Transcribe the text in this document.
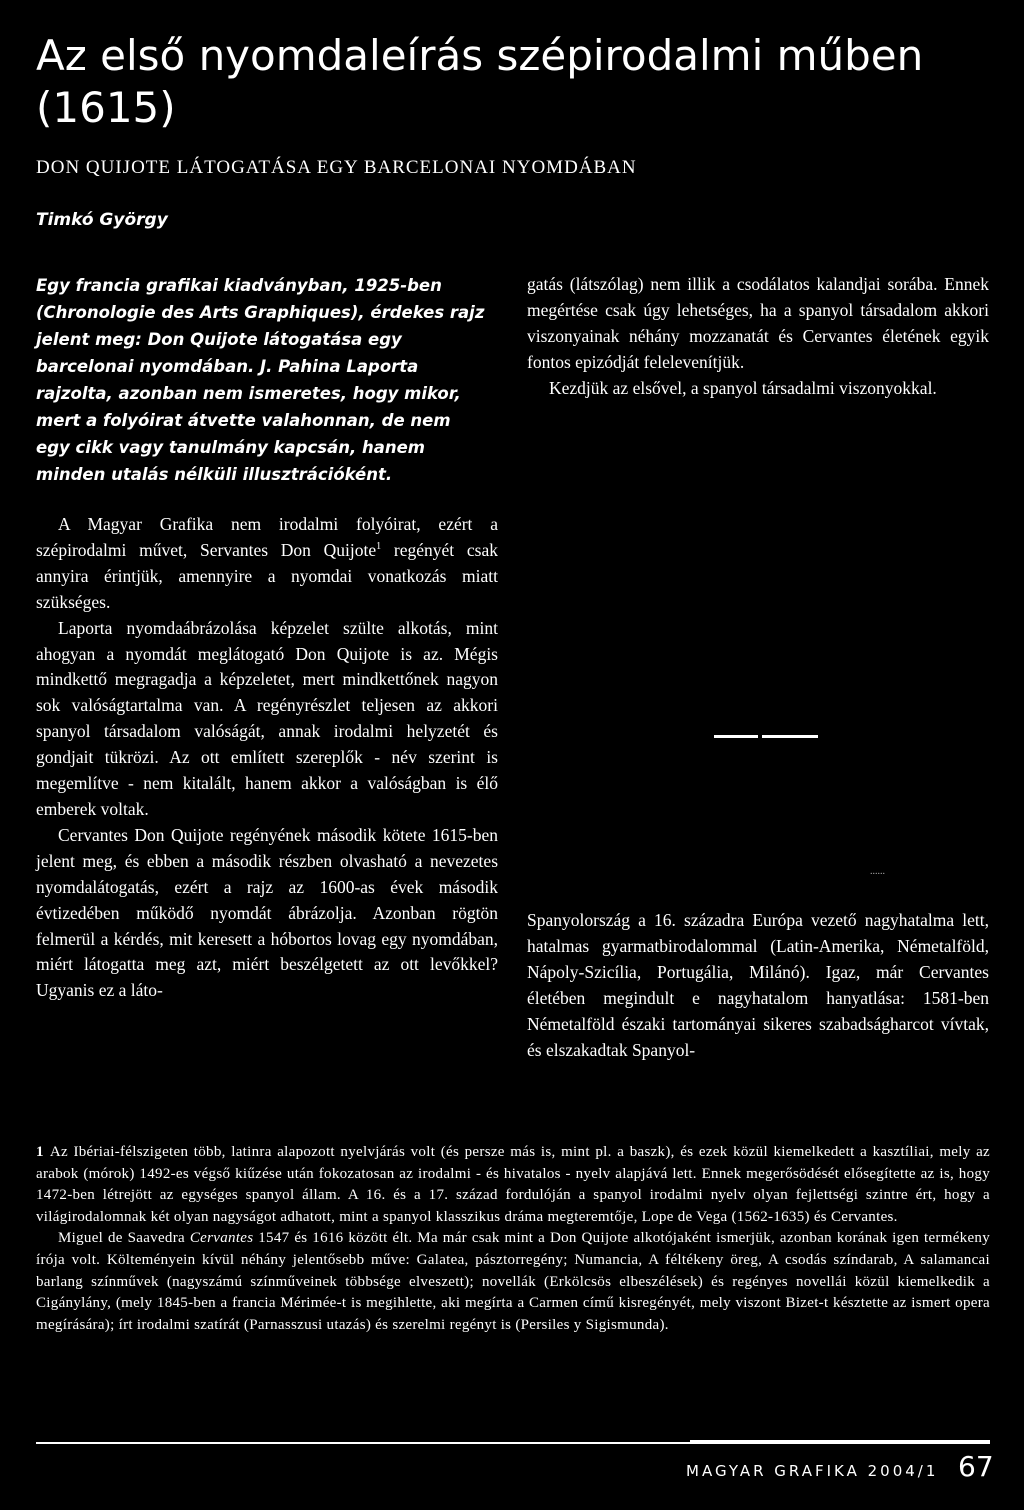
Az első nyomdaleírás szépirodalmi műben (1615)
DON QUIJOTE LÁTOGATÁSA EGY BARCELONAI NYOMDÁBAN
Timkó György
Egy francia grafikai kiadványban, 1925-ben (Chronologie des Arts Graphiques), érdekes rajz jelent meg: Don Quijote látogatása egy barcelonai nyomdában. J. Pahina Laporta rajzolta, azonban nem ismeretes, hogy mikor, mert a folyóirat átvette valahonnan, de nem egy cikk vagy tanulmány kapcsán, hanem minden utalás nélküli illusztrációként.

gatás (látszólag) nem illik a csodálatos kalandjai sorába. Ennek megértése csak úgy lehetséges, ha a spanyol társadalom akkori viszonyainak néhány mozzanatát és Cervantes életének egyik fontos epizódját felelevenítjük.

Kezdjük az elsővel, a spanyol társadalmi viszonyokkal.

A Magyar Grafika nem irodalmi folyóirat, ezért a szépirodalmi művet, Servantes Don Quijote$^1$ regényét csak annyira érintjük, amennyire a nyomdai vonatkozás miatt szükséges.

Laporta nyomdaábrázolása képzelet szülte alkotás, mint ahogyan a nyomdát meglátogató Don Quijote is az. Mégis mindkettő megragadja a képzeletet, mert mindkettőnek nagyon sok valóságtartalma van. A regényrészlet teljesen az akkori spanyol társadalom valóságát, annak irodalmi helyzetét és gondjait tükrözi. Az ott említett szereplők - név szerint is megemlítve - nem kitalált, hanem akkor a valóságban is élő emberek voltak.

Cervantes Don Quijote regényének második kötete 1615-ben jelent meg, és ebben a második részben olvasható a nevezetes nyomdalátogatás, ezért a rajz az 1600-as évek második évtizedében működő nyomdát ábrázolja. Azonban rögtön felmerül a kérdés, mit keresett a hóbortos lovag egy nyomdában, miért látogatta meg azt, miért beszélgetett az ott levőkkel? Ugyanis ez a láto-

......

Spanyolország a 16. századra Európa vezető nagyhatalma lett, hatalmas gyarmatbirodalommal (Latin-Amerika, Németalföld, Nápoly-Szicília, Portugália, Milánó). Igaz, már Cervantes életében megindult e nagyhatalom hanyatlása: 1581-ben Németalföld északi tartományai sikeres szabadságharcot vívtak, és elszakadtak Spanyol-

1 Az Ibériai-félszigeten több, latinra alapozott nyelvjárás volt (és persze más is, mint pl. a baszk), és ezek közül kiemelkedett a kasztíliai, mely az arabok (mórok) 1492-es végső kiűzése után fokozatosan az irodalmi - és hivatalos - nyelv alapjává lett. Ennek megerősödését elősegítette az is, hogy 1472-ben létrejött az egységes spanyol állam. A 16. és a 17. század fordulóján a spanyol irodalmi nyelv olyan fejlettségi szintre ért, hogy a világirodalomnak két olyan nagyságot adhatott, mint a spanyol klasszikus dráma megteremtője, Lope de Vega (1562-1635) és Cervantes.

Miguel de Saavedra Cervantes 1547 és 1616 között élt. Ma már csak mint a Don Quijote alkotójaként ismerjük, azonban korának igen termékeny írója volt. Költeményein kívül néhány jelentősebb műve: Galatea, pásztorregény; Numancia, A féltékeny öreg, A csodás színdarab, A salamancai barlang színművek (nagyszámú színműveinek többsége elveszett); novellák (Erkölcsös elbeszélések) és regényes novellái közül kiemelkedik a Cigánylány, (mely 1845-ben a francia Mérimée-t is megihlette, aki megírta a Carmen című kisregényét, mely viszont Bizet-t késztette az ismert opera megírására); írt irodalmi szatírát (Parnasszusi utazás) és szerelmi regényt is (Persiles y Sigismunda).

MAGYAR GRAFIKA 2004/1 67
